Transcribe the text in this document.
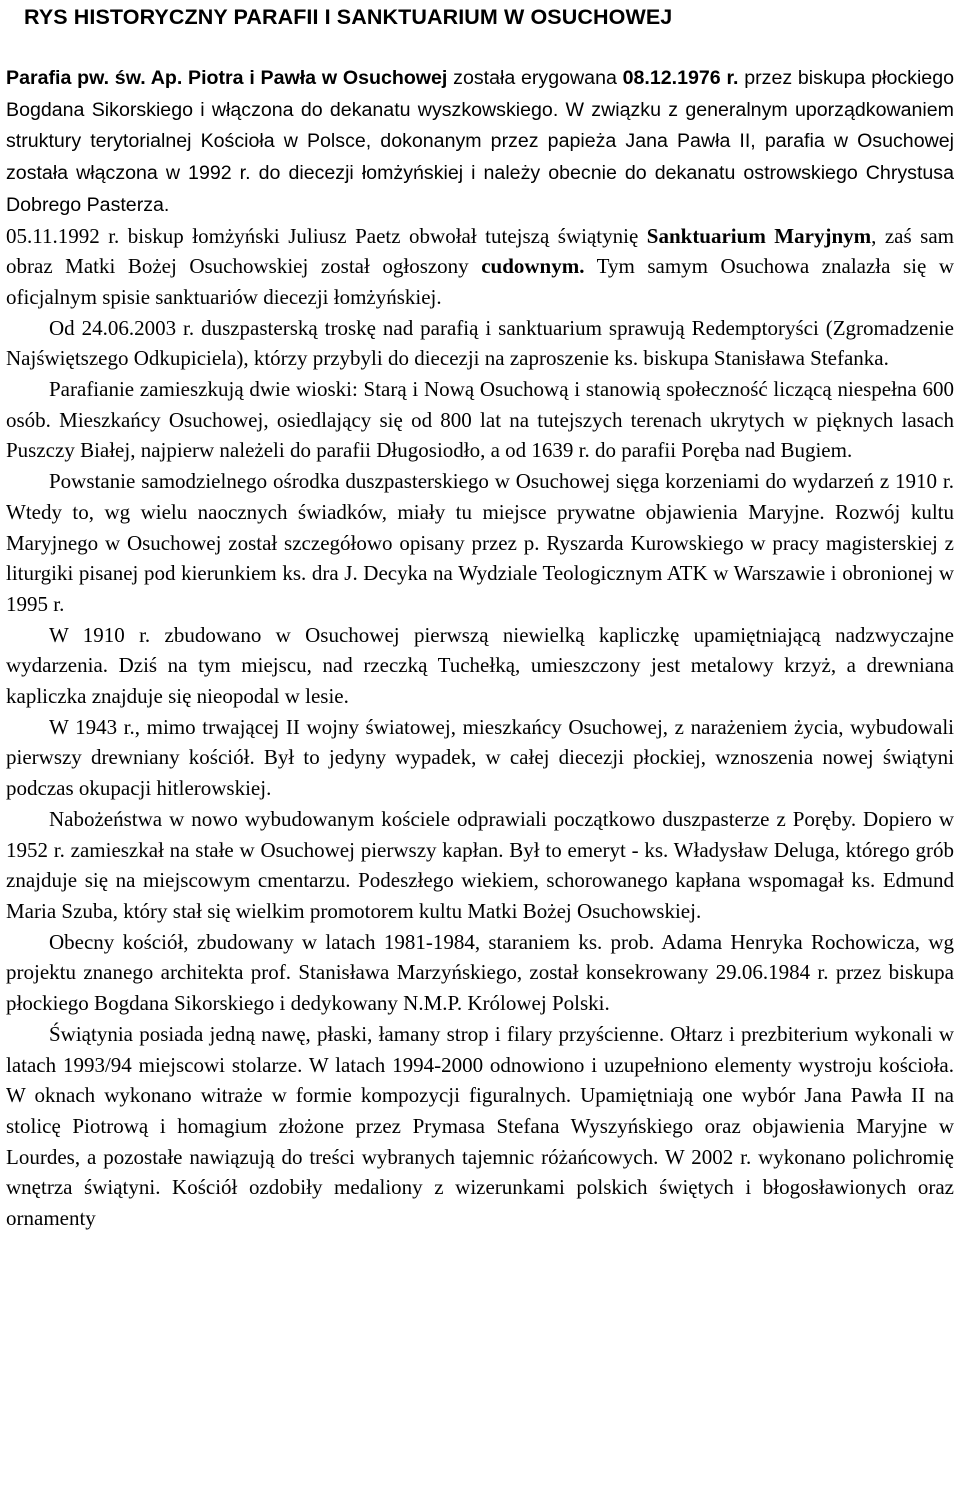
RYS HISTORYCZNY PARAFII I SANKTUARIUM W OSUCHOWEJ

Parafia pw. św. Ap. Piotra i Pawła w Osuchowej została erygowana 08.12.1976 r. przez biskupa płockiego Bogdana Sikorskiego i włączona do dekanatu wyszkowskiego. W związku z generalnym uporządkowaniem struktury terytorialnej Kościoła w Polsce, dokonanym przez papieża Jana Pawła II, parafia w Osuchowej została włączona w 1992 r. do diecezji łomżyńskiej i należy obecnie do dekanatu ostrowskiego Chrystusa Dobrego Pasterza.

05.11.1992 r. biskup łomżyński Juliusz Paetz obwołał tutejszą świątynię Sanktuarium Maryjnym, zaś sam obraz Matki Bożej Osuchowskiej został ogłoszony cudownym. Tym samym Osuchowa znalazła się w oficjalnym spisie sanktuariów diecezji łomżyńskiej.

Od 24.06.2003 r. duszpasterską troskę nad parafią i sanktuarium sprawują Redemptoryści (Zgromadzenie Najświętszego Odkupiciela), którzy przybyli do diecezji na zaproszenie ks. biskupa Stanisława Stefanka.

Parafianie zamieszkują dwie wioski: Starą i Nową Osuchową i stanowią społeczność liczącą niespełna 600 osób. Mieszkańcy Osuchowej, osiedlający się od 800 lat na tutejszych terenach ukrytych w pięknych lasach Puszczy Białej, najpierw należeli do parafii Długosiodło, a od 1639 r. do parafii Poręba nad Bugiem.

Powstanie samodzielnego ośrodka duszpasterskiego w Osuchowej sięga korzeniami do wydarzeń z 1910 r. Wtedy to, wg wielu naocznych świadków, miały tu miejsce prywatne objawienia Maryjne. Rozwój kultu Maryjnego w Osuchowej został szczegółowo opisany przez p. Ryszarda Kurowskiego w pracy magisterskiej z liturgiki pisanej pod kierunkiem ks. dra J. Decyka na Wydziale Teologicznym ATK w Warszawie i obronionej w 1995 r.

W 1910 r. zbudowano w Osuchowej pierwszą niewielką kapliczkę upamiętniającą nadzwyczajne wydarzenia. Dziś na tym miejscu, nad rzeczką Tuchełką, umieszczony jest metalowy krzyż, a drewniana kapliczka znajduje się nieopodal w lesie.

W 1943 r., mimo trwającej II wojny światowej, mieszkańcy Osuchowej, z narażeniem życia, wybudowali pierwszy drewniany kościół. Był to jedyny wypadek, w całej diecezji płockiej, wznoszenia nowej świątyni podczas okupacji hitlerowskiej.

Nabożeństwa w nowo wybudowanym kościele odprawiali początkowo duszpasterze z Poręby. Dopiero w 1952 r. zamieszkał na stałe w Osuchowej pierwszy kapłan. Był to emeryt - ks. Władysław Deluga, którego grób znajduje się na miejscowym cmentarzu. Podeszłego wiekiem, schorowanego kapłana wspomagał ks. Edmund Maria Szuba, który stał się wielkim promotorem kultu Matki Bożej Osuchowskiej.

Obecny kościół, zbudowany w latach 1981-1984, staraniem ks. prob. Adama Henryka Rochowicza, wg projektu znanego architekta prof. Stanisława Marzyńskiego, został konsekrowany 29.06.1984 r. przez biskupa płockiego Bogdana Sikorskiego i dedykowany N.M.P. Królowej Polski.

Świątynia posiada jedną nawę, płaski, łamany strop i filary przyścienne. Ołtarz i prezbiterium wykonali w latach 1993/94 miejscowi stolarze. W latach 1994-2000 odnowiono i uzupełniono elementy wystroju kościoła. W oknach wykonano witraże w formie kompozycji figuralnych. Upamiętniają one wybór Jana Pawła II na stolicę Piotrową i homagium złożone przez Prymasa Stefana Wyszyńskiego oraz objawienia Maryjne w Lourdes, a pozostałe nawiązują do treści wybranych tajemnic różańcowych. W 2002 r. wykonano polichromię wnętrza świątyni. Kościół ozdobiły medaliony z wizerunkami polskich świętych i błogosławionych oraz ornamenty
